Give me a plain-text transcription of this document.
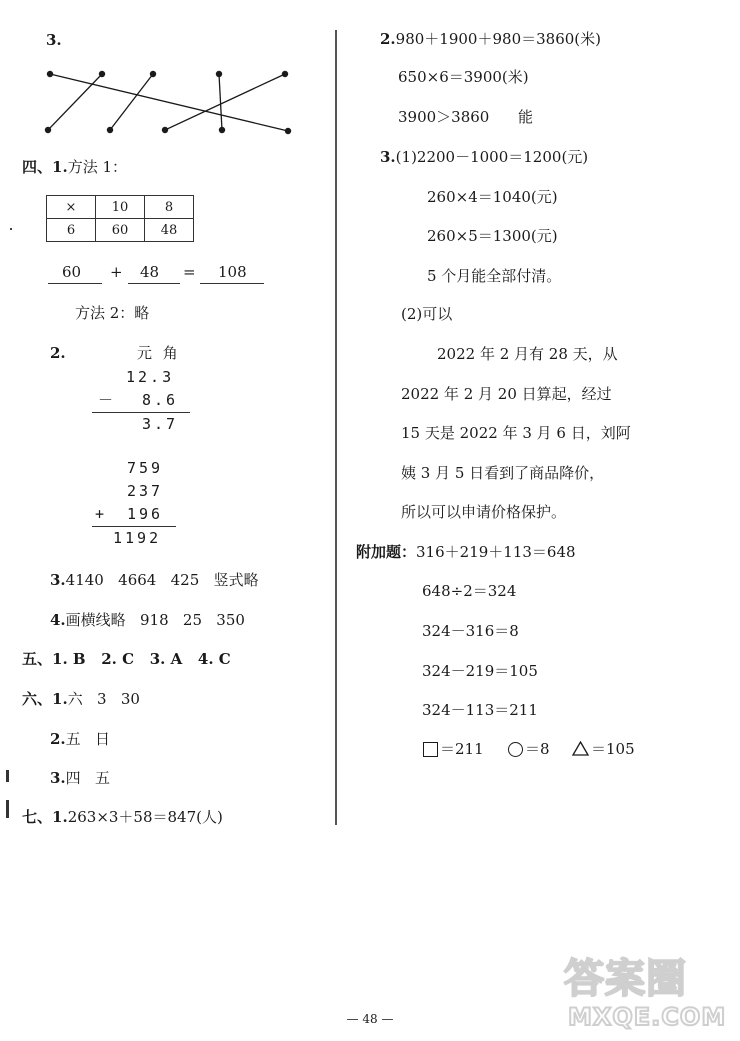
3.
四、1.方法 1：
×	10	8
6	60	48
60 + 48 = 108
方法 2：略
2.	元 角
12.3
－ 8.6
3.7
759
237
+ 196
1192
3.4140   4664   425   竖式略
4.画横线略   918   25   350
五、1. B   2. C   3. A   4. C
六、1.六   3   30
2.五   日
3.四   五
七、1.263×3＋58＝847(人)
2.980＋1900＋980＝3860(米)
650×6＝3900(米)
3900＞3860      能
3.(1)2200－1000＝1200(元)
260×4＝1040(元)
260×5＝1300(元)
5 个月能全部付清。
(2)可以
2022 年 2 月有 28 天，从
2022 年 2 月 20 日算起，经过
15 天是 2022 年 3 月 6 日，刘阿
姨 3 月 5 日看到了商品降价，
所以可以申请价格保护。
附加题：316＋219＋113＝648
648÷2＝324
324－316＝8
324－219＝105
324－113＝211
＝211	＝8	＝105
— 48 —
答案圈
MXQE.COM
